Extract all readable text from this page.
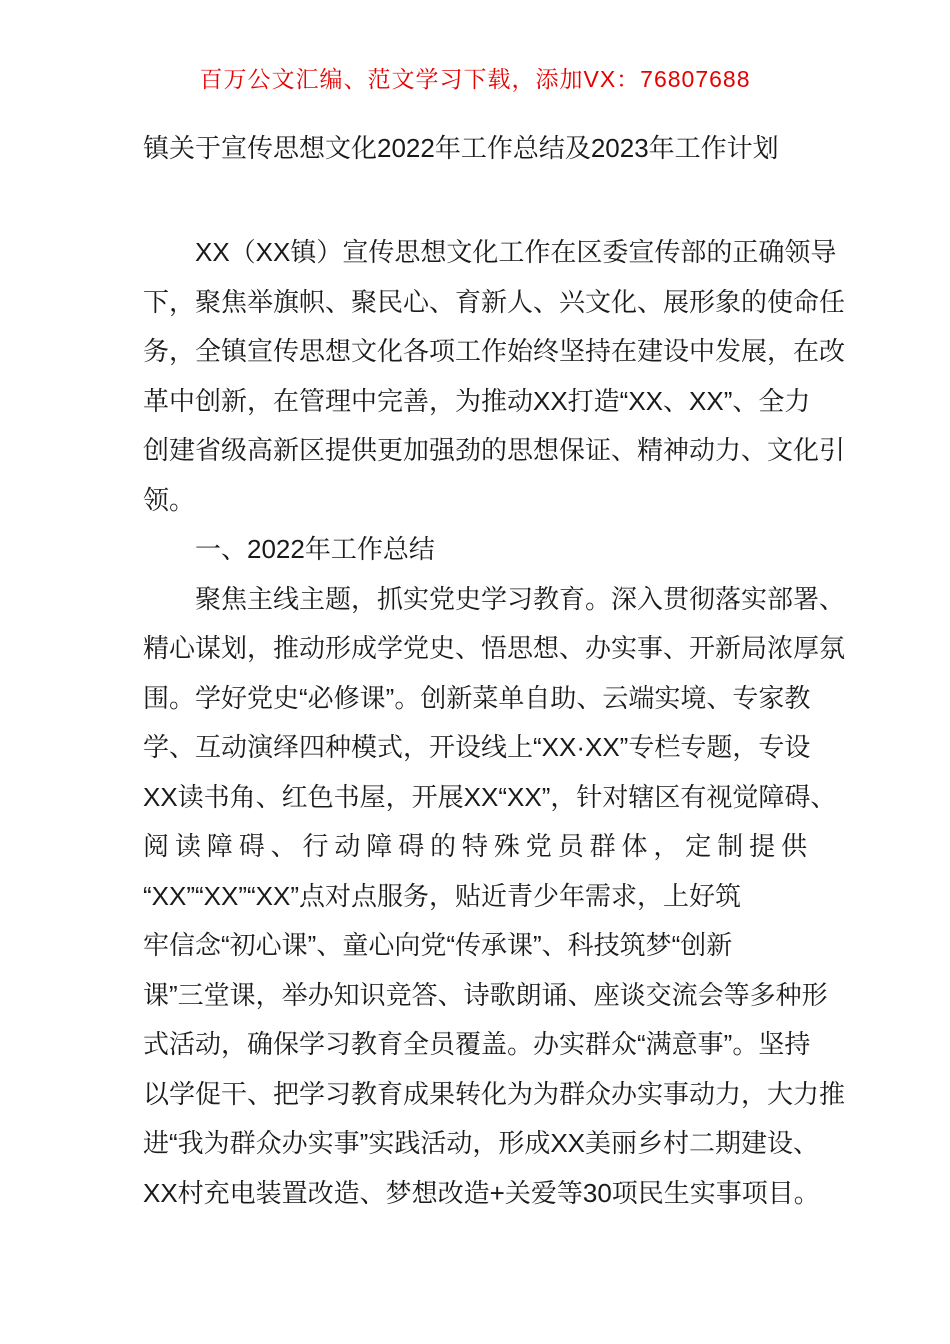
百万公文汇编、范文学习下载，添加VX：76807688
镇关于宣传思想文化2022年工作总结及2023年工作计划
XX（XX镇）宣传思想文化工作在区委宣传部的正确领导
下，聚焦举旗帜、聚民心、育新人、兴文化、展形象的使命任
务，全镇宣传思想文化各项工作始终坚持在建设中发展，在改
革中创新，在管理中完善，为推动XX打造“XX、XX”、全力
创建省级高新区提供更加强劲的思想保证、精神动力、文化引
领。
一、2022年工作总结
聚焦主线主题，抓实党史学习教育。深入贯彻落实部署、
精心谋划，推动形成学党史、悟思想、办实事、开新局浓厚氛
围。学好党史“必修课”。创新菜单自助、云端实境、专家教
学、互动演绎四种模式，开设线上“XX·XX”专栏专题，专设
XX读书角、红色书屋，开展XX“XX”，针对辖区有视觉障碍、
阅读障碍、行动障碍的特殊党员群体，定制提供
“XX”“XX”“XX”点对点服务，贴近青少年需求，上好筑
牢信念“初心课”、童心向党“传承课”、科技筑梦“创新
课”三堂课，举办知识竞答、诗歌朗诵、座谈交流会等多种形
式活动，确保学习教育全员覆盖。办实群众“满意事”。坚持
以学促干、把学习教育成果转化为为群众办实事动力，大力推
进“我为群众办实事”实践活动，形成XX美丽乡村二期建设、
XX村充电装置改造、梦想改造+关爱等30项民生实事项目。
